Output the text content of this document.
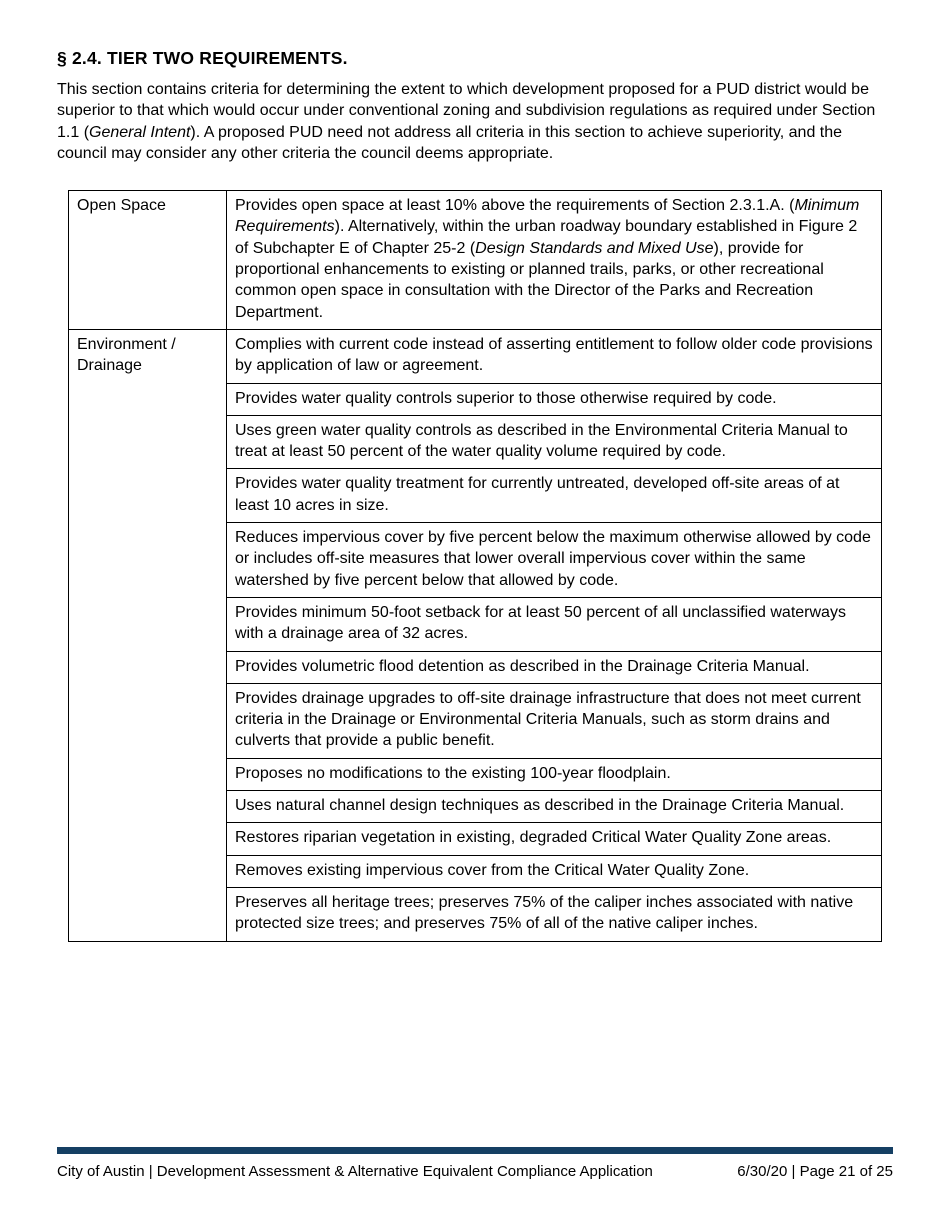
§ 2.4. TIER TWO REQUIREMENTS.
This section contains criteria for determining the extent to which development proposed for a PUD district would be superior to that which would occur under conventional zoning and subdivision regulations as required under Section 1.1 (General Intent). A proposed PUD need not address all criteria in this section to achieve superiority, and the council may consider any other criteria the council deems appropriate.
Open Space	Provides open space at least 10% above the requirements of Section 2.3.1.A. (Minimum Requirements). Alternatively, within the urban roadway boundary established in Figure 2 of Subchapter E of Chapter 25-2 (Design Standards and Mixed Use), provide for proportional enhancements to existing or planned trails, parks, or other recreational common open space in consultation with the Director of the Parks and Recreation Department.
Environment / Drainage	Complies with current code instead of asserting entitlement to follow older code provisions by application of law or agreement.
	Provides water quality controls superior to those otherwise required by code.
	Uses green water quality controls as described in the Environmental Criteria Manual to treat at least 50 percent of the water quality volume required by code.
	Provides water quality treatment for currently untreated, developed off-site areas of at least 10 acres in size.
	Reduces impervious cover by five percent below the maximum otherwise allowed by code or includes off-site measures that lower overall impervious cover within the same watershed by five percent below that allowed by code.
	Provides minimum 50-foot setback for at least 50 percent of all unclassified waterways with a drainage area of 32 acres.
	Provides volumetric flood detention as described in the Drainage Criteria Manual.
	Provides drainage upgrades to off-site drainage infrastructure that does not meet current criteria in the Drainage or Environmental Criteria Manuals, such as storm drains and culverts that provide a public benefit.
	Proposes no modifications to the existing 100-year floodplain.
	Uses natural channel design techniques as described in the Drainage Criteria Manual.
	Restores riparian vegetation in existing, degraded Critical Water Quality Zone areas.
	Removes existing impervious cover from the Critical Water Quality Zone.
	Preserves all heritage trees; preserves 75% of the caliper inches associated with native protected size trees; and preserves 75% of all of the native caliper inches.
City of Austin | Development Assessment & Alternative Equivalent Compliance Application	6/30/20 | Page 21 of 25
